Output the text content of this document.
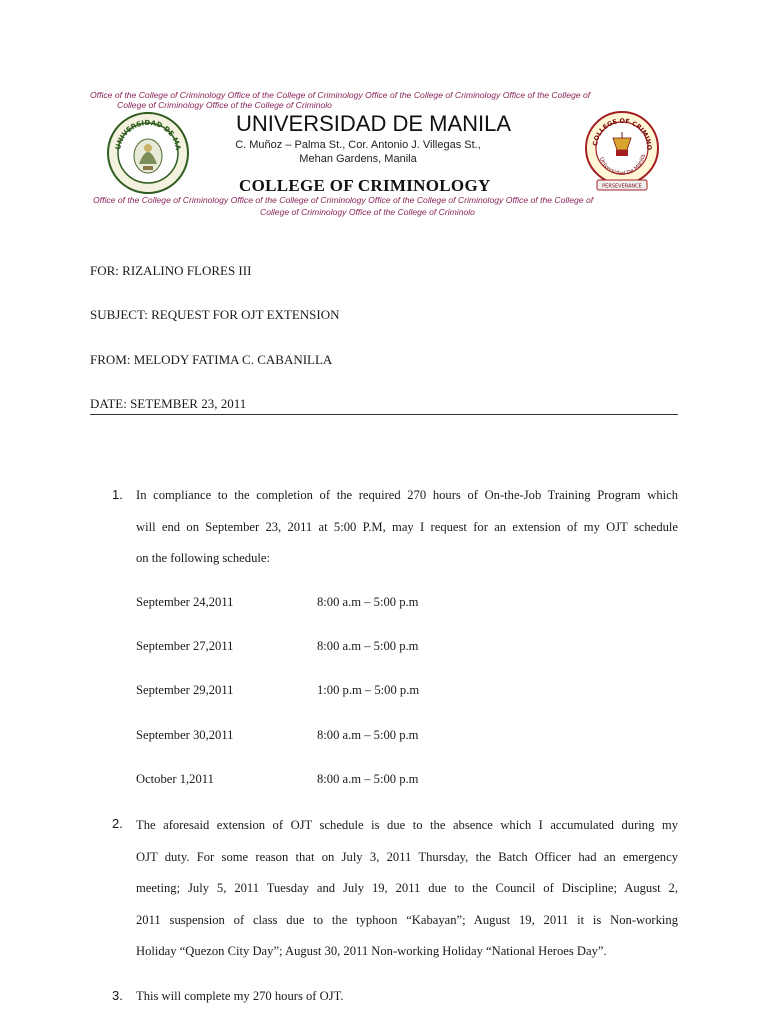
Office of the College of Criminology Office of the College of Criminology Office of the College of Criminology Office of the College of
College of Criminology Office of the College of Criminolo
UNIVERSIDAD DE MA
UNIVERSIDAD DE MANILA
C. Muñoz – Palma St., Cor. Antonio J. Villegas St.,
Mehan Gardens, Manila
COLLEGE OF CRIMINO
Universidad De Manila
PERSEVERANCE
COLLEGE OF CRIMINOLOGY
Office of the College of Criminology Office of the College of Criminology Office of the College of Criminology Office of the College of
College of Criminology Office of the College of Criminolo
FOR: RIZALINO FLORES III
SUBJECT: REQUEST FOR OJT EXTENSION
FROM: MELODY FATIMA C. CABANILLA
DATE: SETEMBER 23, 2011
1. In compliance to the completion of the required 270 hours of On-the-Job Training Program which
will end on September 23, 2011 at 5:00 P.M, may I request for an extension of my OJT schedule
on the following schedule:
September 24,2011	8:00 a.m – 5:00 p.m
September 27,2011	8:00 a.m – 5:00 p.m
September 29,2011	1:00 p.m – 5:00 p.m
September 30,2011	8:00 a.m – 5:00 p.m
October 1,2011	8:00 a.m – 5:00 p.m
2. The aforesaid extension of OJT schedule is due to the absence which I accumulated during my
OJT duty. For some reason that on July 3, 2011 Thursday, the Batch Officer had an emergency
meeting; July 5, 2011 Tuesday and July 19, 2011 due to the Council of Discipline; August 2,
2011 suspension of class due to the typhoon “Kabayan”; August 19, 2011 it is Non-working
Holiday “Quezon City Day”; August 30, 2011 Non-working Holiday “National Heroes Day”.
3. This will complete my 270 hours of OJT.
